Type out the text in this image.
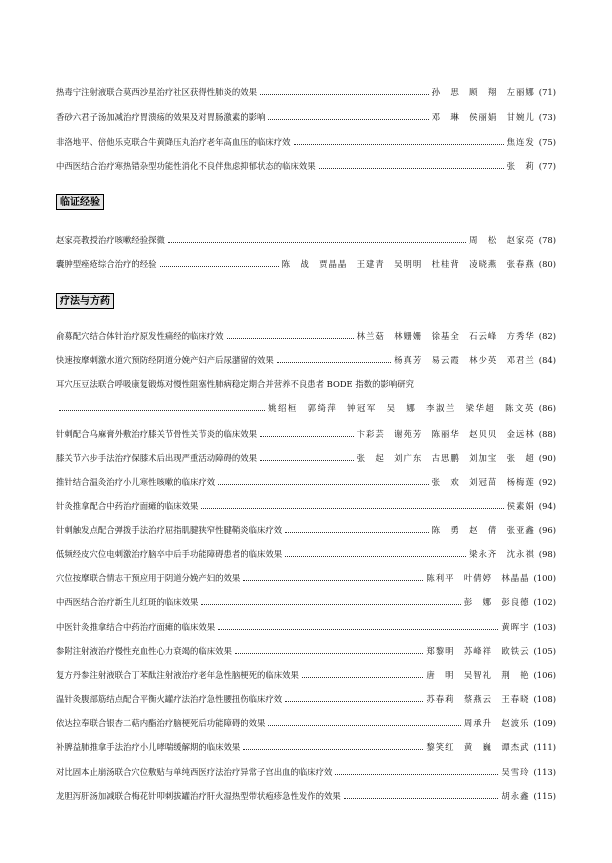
热毒宁注射液联合莫西沙星治疗社区获得性肺炎的效果	孙　思　顾　翔　左丽娜 (71)
香砂六君子汤加减治疗胃溃疡的效果及对胃肠激素的影响	邓　琳　侯丽娟　甘婉儿 (73)
非洛地平、倍他乐克联合牛黄降压丸治疗老年高血压的临床疗效	焦连发 (75)
中西医结合治疗寒热错杂型功能性消化不良伴焦虑抑郁状态的临床效果	张　莉 (77)
临证经验
赵家亮教授治疗咳嗽经验探微	周　松　赵家亮 (78)
囊肿型痤疮综合治疗的经验	陈　战　贾晶晶　王建青　吴明明　杜桂背　凌晓燕　张春燕 (80)
疗法与方药
俞募配穴结合体针治疗原发性痛经的临床疗效	林兰菇　林姗姗　徐基全　石云峰　方秀华 (82)
快速按摩刺激水道穴预防经阴道分娩产妇产后尿潴留的效果	杨真芳　易云霞　林少英　邓君兰 (84)
耳穴压豆法联合呼吸康复锻炼对慢性阻塞性肺病稳定期合并营养不良患者 BODE 指数的影响研究
姚绍桓　郭绮萍　钟冠军　吴　娜　李淑兰　梁华超　陈文英 (86)
针刺配合乌麻膏外敷治疗膝关节骨性关节炎的临床效果	卞彩芸　谢苑芳　陈丽华　赵贝贝　金远林 (88)
膝关节六步手法治疗保膝术后出现严重活动障碍的效果	张　起　刘广东　古思鹏　刘加宝　张　超 (90)
推针结合温灸治疗小儿寒性咳嗽的临床疗效	张　欢　刘冠苗　杨梅莲 (92)
针灸推拿配合中药治疗面瘫的临床效果	侯素娟 (94)
针刺触发点配合弹拨手法治疗屈指肌腱狭窄性腱鞘炎临床疗效	陈　勇　赵　倩　张亚鑫 (96)
低频经皮穴位电刺激治疗脑卒中后手功能障碍患者的临床效果	梁永齐　沈永祺 (98)
穴位按摩联合情志干预应用于阴道分娩产妇的效果	陈利平　叶倩婷　林晶晶 (100)
中西医结合治疗新生儿红斑的临床效果	彭　娜　彭良德 (102)
中医针灸推拿结合中药治疗面瘫的临床效果	黄晖宇 (103)
参附注射液治疗慢性充血性心力衰竭的临床效果	郑黎明　苏峰祥　欧铁云 (105)
复方丹参注射液联合丁苯酞注射液治疗老年急性脑梗死的临床效果	唐　明　吴智礼　荆　艳 (106)
温针灸腹部筋结点配合平衡火罐疗法治疗急性腰扭伤临床疗效	苏春莉　蔡燕云　王春晓 (108)
依达拉奉联合银杏二萜内酯治疗脑梗死后功能障碍的效果	周承升　赵波乐 (109)
补脾益肺推拿手法治疗小儿哮喘缓解期的临床效果	黎笑红　黄　巍　谭杰武 (111)
对比固本止崩汤联合穴位敷贴与单纯西医疗法治疗异常子宫出血的临床疗效	吴雪玲 (113)
龙胆泻肝汤加减联合梅花针叩刺拔罐治疗肝火湿热型带状疱疹急性发作的效果	胡永鑫 (115)
